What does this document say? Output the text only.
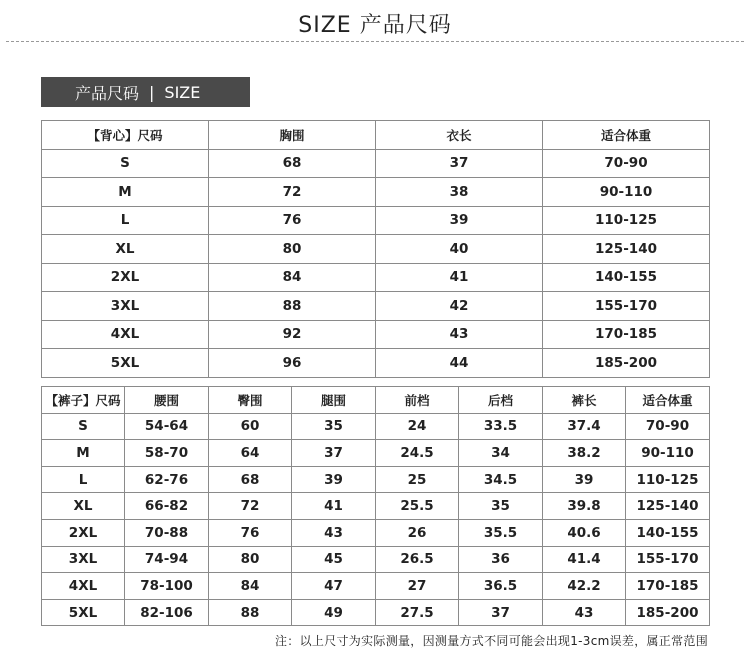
SIZE 产品尺码
产品尺码 | SIZE
【背心】尺码	胸围	衣长	适合体重
S	68	37	70-90
M	72	38	90-110
L	76	39	110-125
XL	80	40	125-140
2XL	84	41	140-155
3XL	88	42	155-170
4XL	92	43	170-185
5XL	96	44	185-200
【裤子】尺码	腰围	臀围	腿围	前档	后档	裤长	适合体重
S	54-64	60	35	24	33.5	37.4	70-90
M	58-70	64	37	24.5	34	38.2	90-110
L	62-76	68	39	25	34.5	39	110-125
XL	66-82	72	41	25.5	35	39.8	125-140
2XL	70-88	76	43	26	35.5	40.6	140-155
3XL	74-94	80	45	26.5	36	41.4	155-170
4XL	78-100	84	47	27	36.5	42.2	170-185
5XL	82-106	88	49	27.5	37	43	185-200
注：以上尺寸为实际测量，因测量方式不同可能会出现1-3cm误差，属正常范围
